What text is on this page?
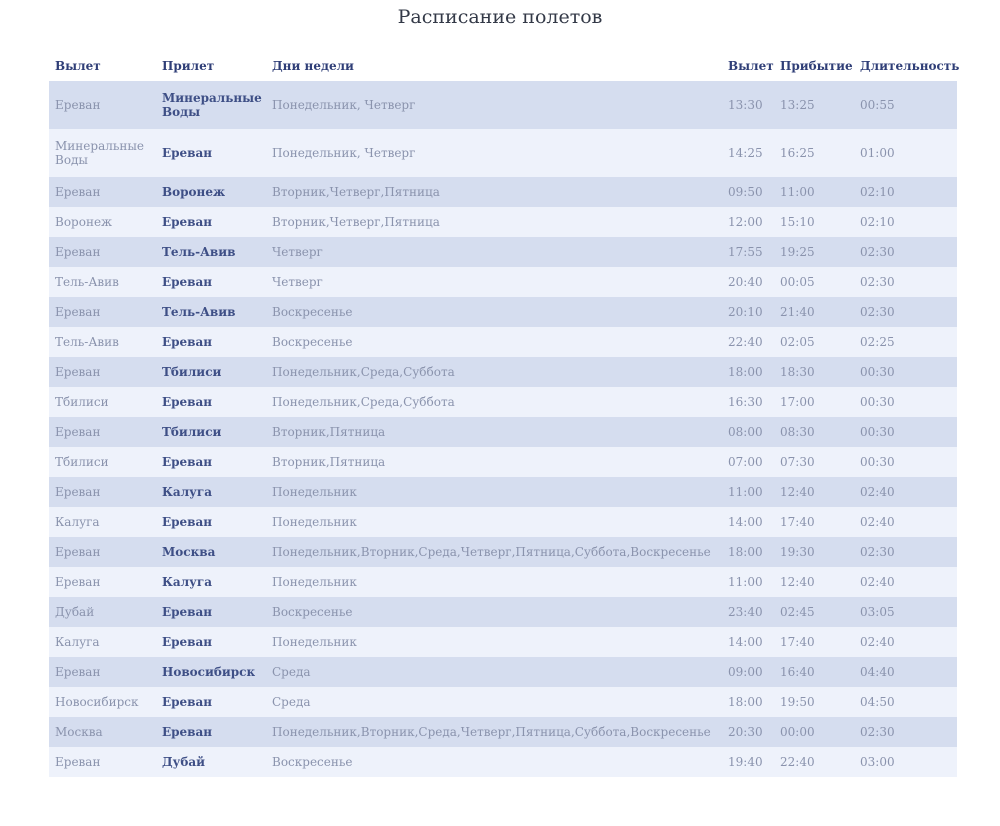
Расписание полетов
Вылет	Прилет	Дни недели	Вылет	Прибытие	Длительность
Ереван	Минеральные Воды	Понедельник, Четверг	13:30	13:25	00:55
Минеральные Воды	Ереван	Понедельник, Четверг	14:25	16:25	01:00
Ереван	Воронеж	Вторник,Четверг,Пятница	09:50	11:00	02:10
Воронеж	Ереван	Вторник,Четверг,Пятница	12:00	15:10	02:10
Ереван	Тель-Авив	Четверг	17:55	19:25	02:30
Тель-Авив	Ереван	Четверг	20:40	00:05	02:30
Ереван	Тель-Авив	Воскресенье	20:10	21:40	02:30
Тель-Авив	Ереван	Воскресенье	22:40	02:05	02:25
Ереван	Тбилиси	Понедельник,Среда,Суббота	18:00	18:30	00:30
Тбилиси	Ереван	Понедельник,Среда,Суббота	16:30	17:00	00:30
Ереван	Тбилиси	Вторник,Пятница	08:00	08:30	00:30
Тбилиси	Ереван	Вторник,Пятница	07:00	07:30	00:30
Ереван	Калуга	Понедельник	11:00	12:40	02:40
Калуга	Ереван	Понедельник	14:00	17:40	02:40
Ереван	Москва	Понедельник,Вторник,Среда,Четверг,Пятница,Суббота,Воскресенье	18:00	19:30	02:30
Ереван	Калуга	Понедельник	11:00	12:40	02:40
Дубай	Ереван	Воскресенье	23:40	02:45	03:05
Калуга	Ереван	Понедельник	14:00	17:40	02:40
Ереван	Новосибирск	Среда	09:00	16:40	04:40
Новосибирск	Ереван	Среда	18:00	19:50	04:50
Москва	Ереван	Понедельник,Вторник,Среда,Четверг,Пятница,Суббота,Воскресенье	20:30	00:00	02:30
Ереван	Дубай	Воскресенье	19:40	22:40	03:00
